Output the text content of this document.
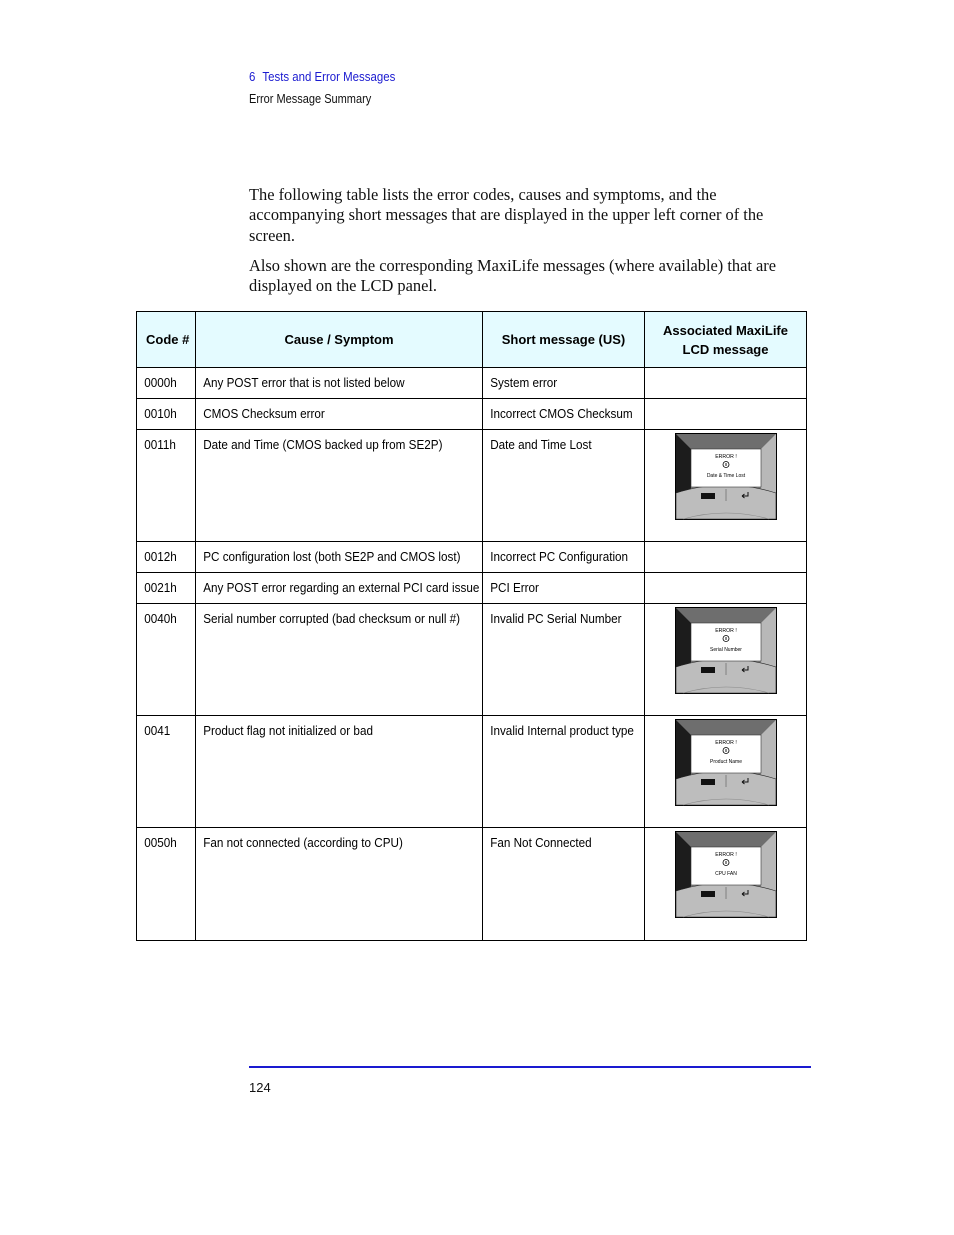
6 Tests and Error Messages
Error Message Summary

The following table lists the error codes, causes and symptoms, and the accompanying short messages that are displayed in the upper left corner of the screen.

Also shown are the corresponding MaxiLife messages (where available) that are displayed on the LCD panel.

Code #	Cause / Symptom	Short message (US)	Associated MaxiLife
LCD message

0000h	Any POST error that is not listed below	System error	

0010h	CMOS Checksum error	Incorrect CMOS Checksum	

0011h	Date and Time (CMOS backed up from SE2P)	Date and Time Lost	ERROR !
Date & Time Lost

0012h	PC configuration lost (both SE2P and CMOS lost)	Incorrect PC Configuration	

0021h	Any POST error regarding an external PCI card issue	PCI Error	

0040h	Serial number corrupted (bad checksum or null #)	Invalid PC Serial Number	ERROR !
Serial Number

0041	Product flag not initialized or bad	Invalid Internal product type	ERROR !
Product Name

0050h	Fan not connected (according to CPU)	Fan Not Connected	ERROR !
CPU FAN
124
